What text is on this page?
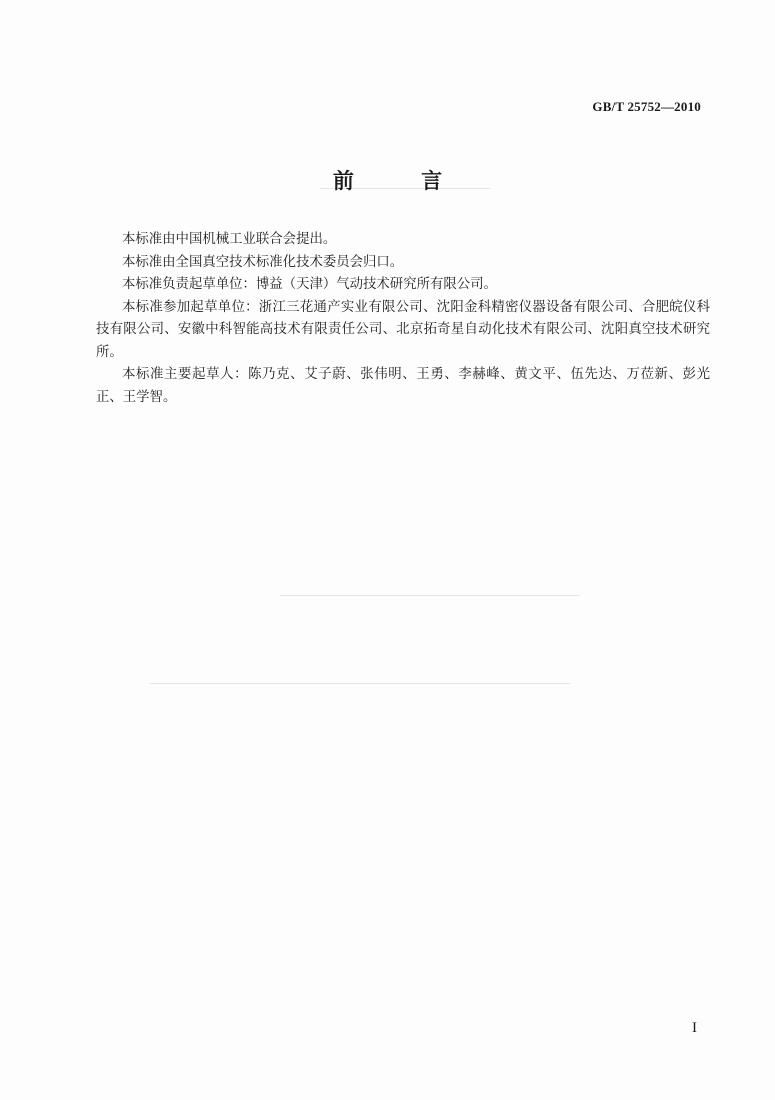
GB/T 25752—2010
前 言

本标准由中国机械工业联合会提出。

本标准由全国真空技术标准化技术委员会归口。

本标准负责起草单位：博益（天津）气动技术研究所有限公司。

本标准参加起草单位：浙江三花通产实业有限公司、沈阳金科精密仪器设备有限公司、合肥皖仪科技有限公司、安徽中科智能高技术有限责任公司、北京拓奇星自动化技术有限公司、沈阳真空技术研究所。

本标准主要起草人：陈乃克、艾子蔚、张伟明、王勇、李赫峰、黄文平、伍先达、万莅新、彭光正、王学智。

I
